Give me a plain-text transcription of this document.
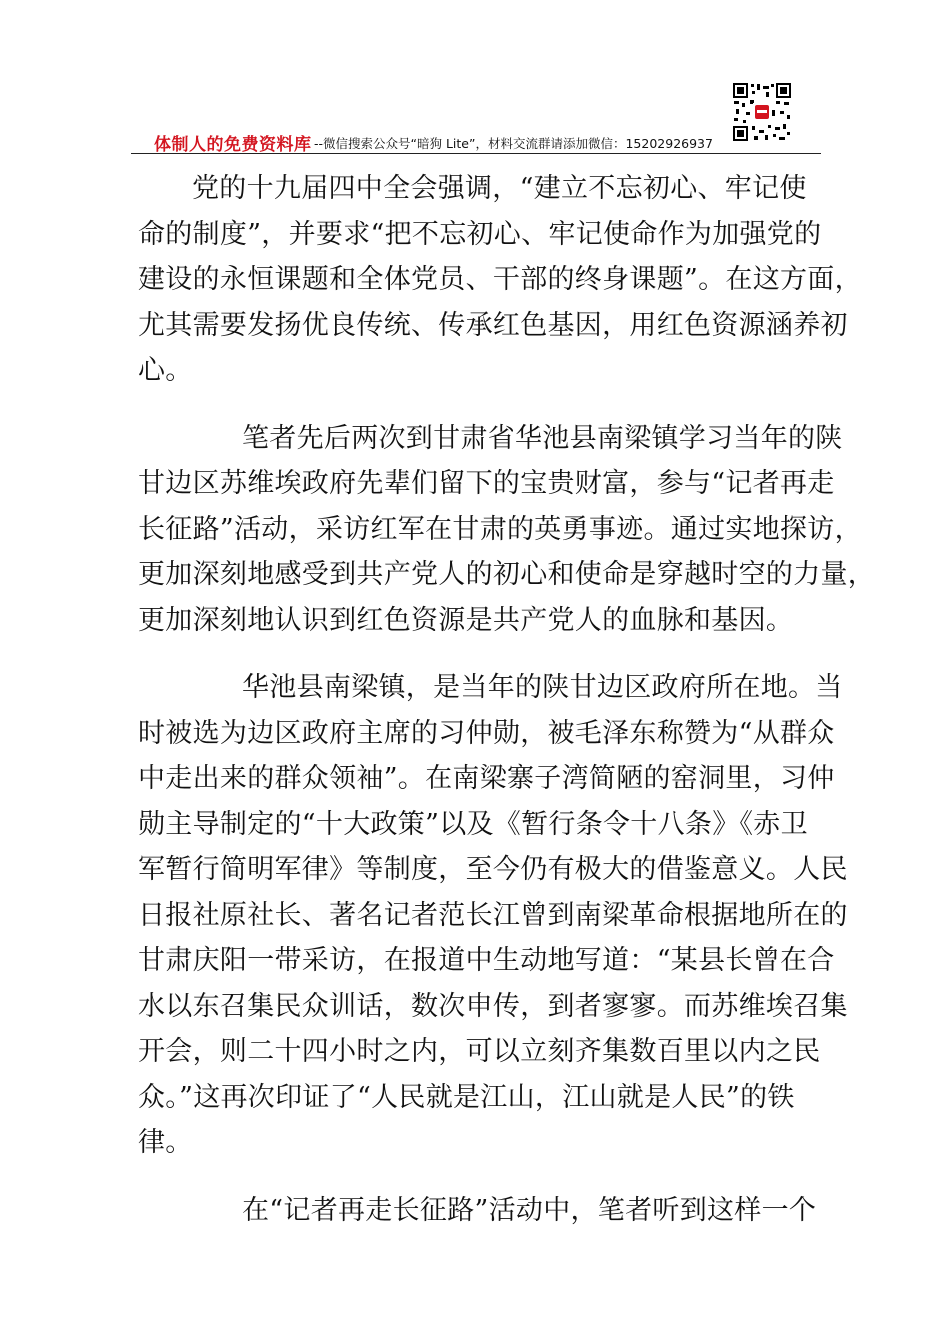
体制人的免费资料库 --微信搜索公众号“暗狗 Lite”，材料交流群请添加微信：15202926937
党的十九届四中全会强调，“建立不忘初心、牢记使
命的制度”，并要求“把不忘初心、牢记使命作为加强党的
建设的永恒课题和全体党员、干部的终身课题”。在这方面，
尤其需要发扬优良传统、传承红色基因，用红色资源涵养初
心。
笔者先后两次到甘肃省华池县南梁镇学习当年的陕
甘边区苏维埃政府先辈们留下的宝贵财富，参与“记者再走
长征路”活动，采访红军在甘肃的英勇事迹。通过实地探访，
更加深刻地感受到共产党人的初心和使命是穿越时空的力量，
更加深刻地认识到红色资源是共产党人的血脉和基因。
华池县南梁镇，是当年的陕甘边区政府所在地。当
时被选为边区政府主席的习仲勋，被毛泽东称赞为“从群众
中走出来的群众领袖”。在南梁寨子湾简陋的窑洞里，习仲
勋主导制定的“十大政策”以及《暂行条令十八条》《赤卫
军暂行简明军律》等制度，至今仍有极大的借鉴意义。人民
日报社原社长、著名记者范长江曾到南梁革命根据地所在的
甘肃庆阳一带采访，在报道中生动地写道：“某县长曾在合
水以东召集民众训话，数次申传，到者寥寥。而苏维埃召集
开会，则二十四小时之内，可以立刻齐集数百里以内之民
众。”这再次印证了“人民就是江山，江山就是人民”的铁
律。
在“记者再走长征路”活动中，笔者听到这样一个
